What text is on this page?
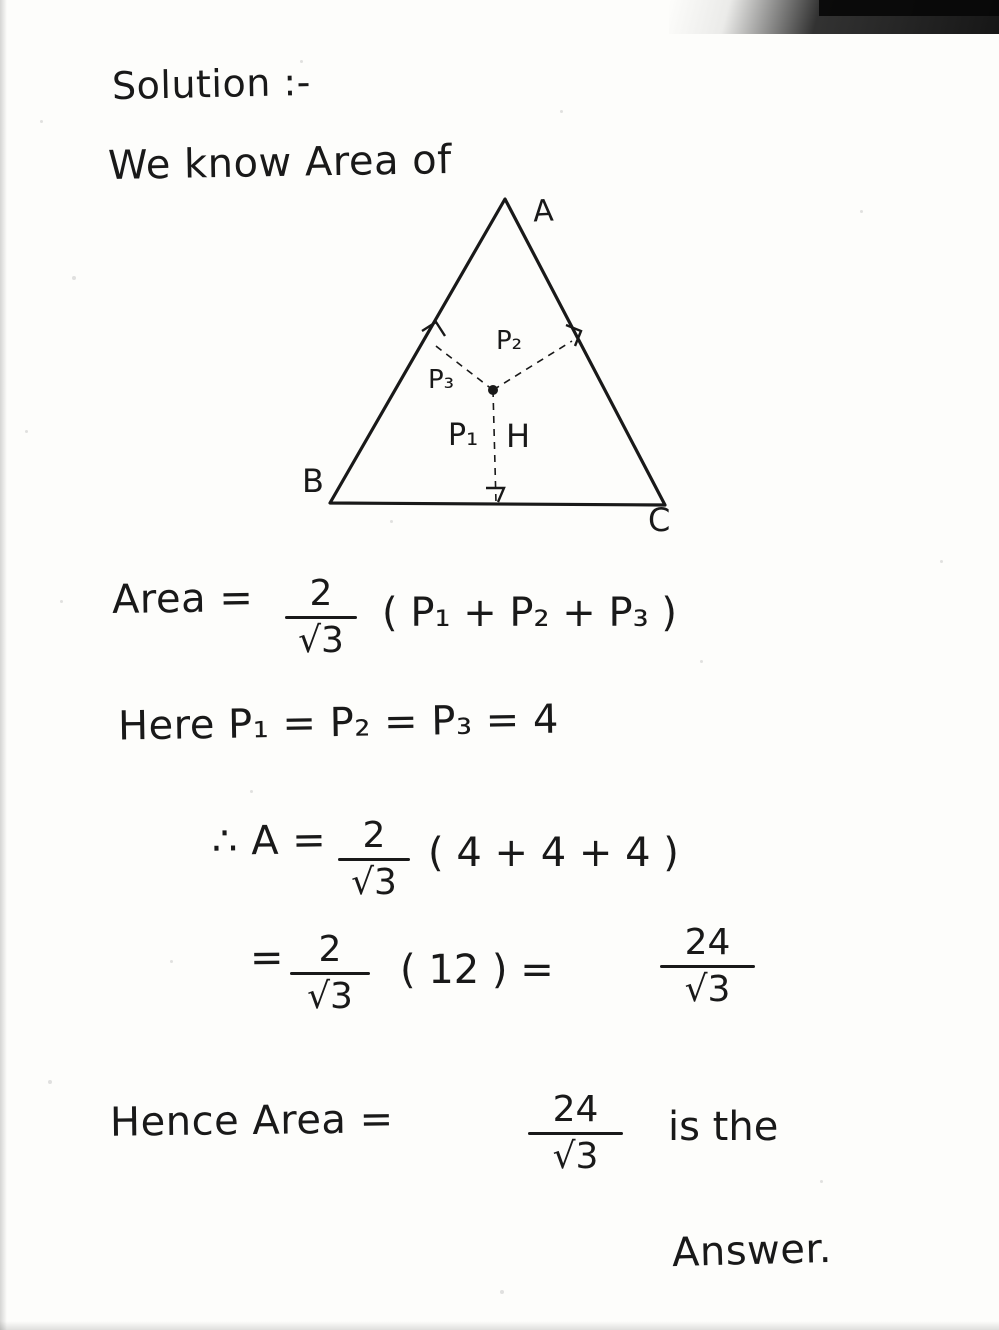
Solution :-
We know Area of
A
B
C
H
P₁
P₂
P₃
Area =	2
√3
( P₁ + P₂ + P₃ )
Here P₁ = P₂ = P₃ = 4
∴ A = 2
√3
( 4 + 4 + 4 )
= 2
√3
( 12 ) =
24
√3
Hence Area =	24
√3
is the
Answer.
